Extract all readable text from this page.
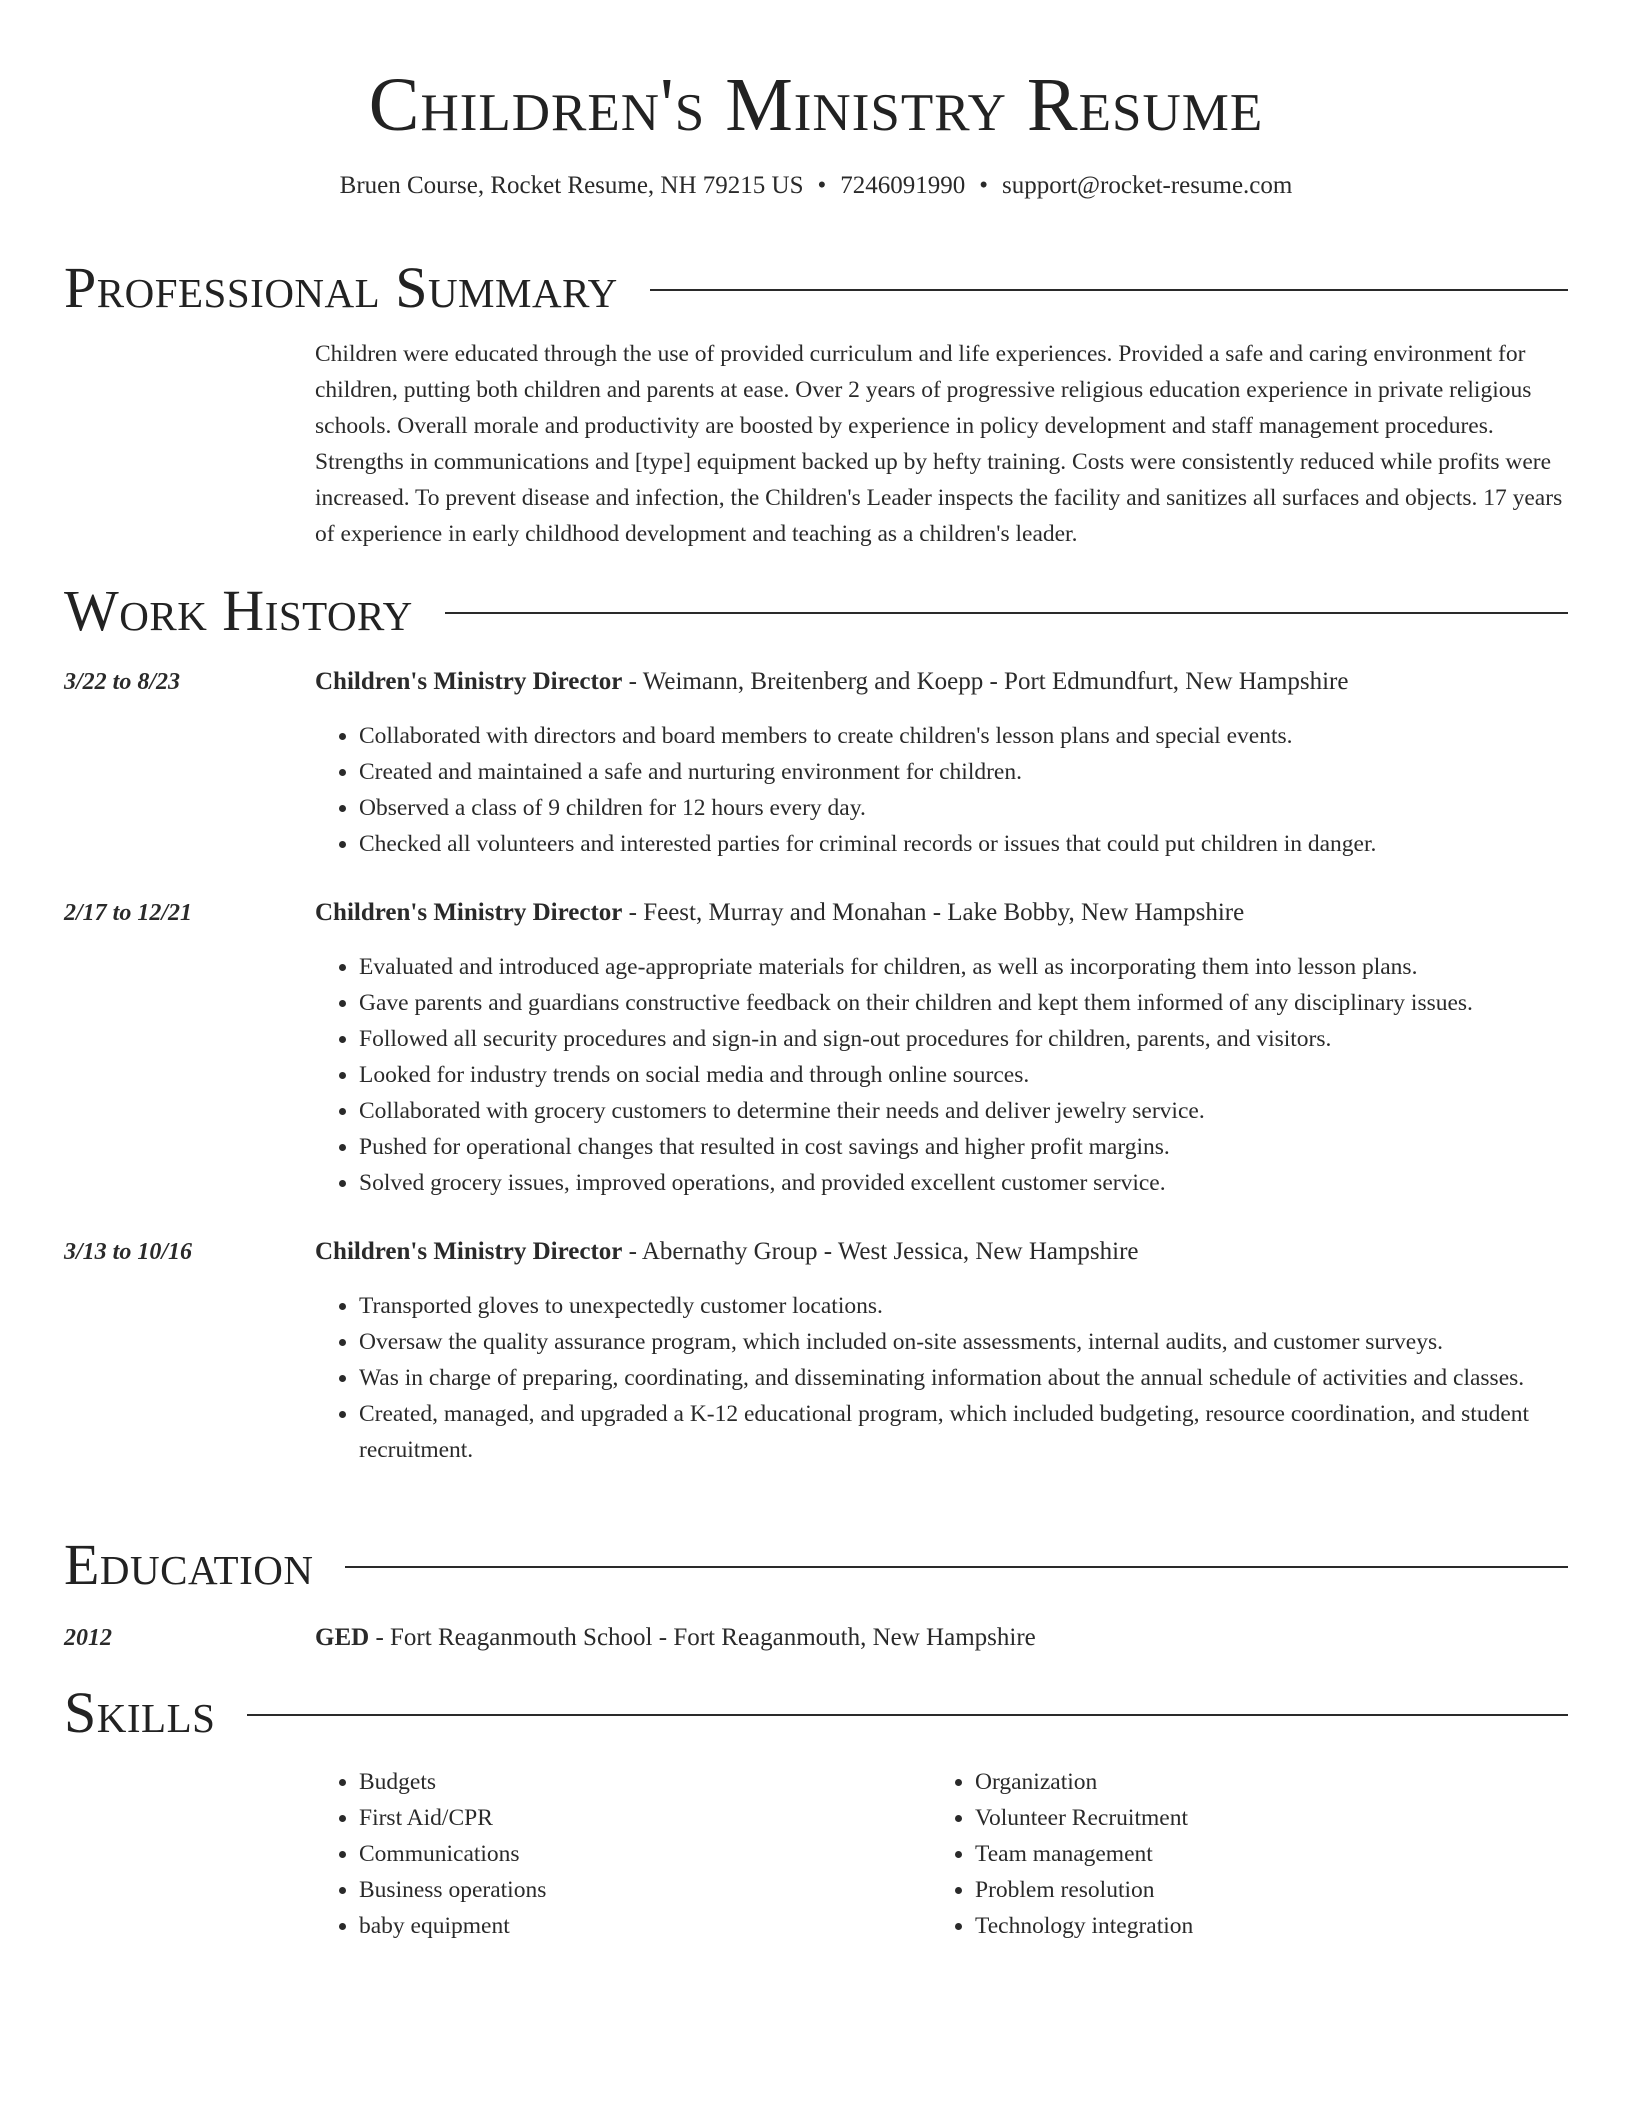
Children's Ministry Resume
Bruen Course, Rocket Resume, NH 79215 US • 7246091990 • support@rocket-resume.com
Professional Summary
Children were educated through the use of provided curriculum and life experiences. Provided a safe and caring environment for children, putting both children and parents at ease. Over 2 years of progressive religious education experience in private religious schools. Overall morale and productivity are boosted by experience in policy development and staff management procedures. Strengths in communications and [type] equipment backed up by hefty training. Costs were consistently reduced while profits were increased. To prevent disease and infection, the Children's Leader inspects the facility and sanitizes all surfaces and objects. 17 years of experience in early childhood development and teaching as a children's leader.
Work History
3/22 to 8/23	Children's Ministry Director - Weimann, Breitenberg and Koepp - Port Edmundfurt, New Hampshire
• Collaborated with directors and board members to create children's lesson plans and special events.
• Created and maintained a safe and nurturing environment for children.
• Observed a class of 9 children for 12 hours every day.
• Checked all volunteers and interested parties for criminal records or issues that could put children in danger.
2/17 to 12/21	Children's Ministry Director - Feest, Murray and Monahan - Lake Bobby, New Hampshire
• Evaluated and introduced age-appropriate materials for children, as well as incorporating them into lesson plans.
• Gave parents and guardians constructive feedback on their children and kept them informed of any disciplinary issues.
• Followed all security procedures and sign-in and sign-out procedures for children, parents, and visitors.
• Looked for industry trends on social media and through online sources.
• Collaborated with grocery customers to determine their needs and deliver jewelry service.
• Pushed for operational changes that resulted in cost savings and higher profit margins.
• Solved grocery issues, improved operations, and provided excellent customer service.
3/13 to 10/16	Children's Ministry Director - Abernathy Group - West Jessica, New Hampshire
• Transported gloves to unexpectedly customer locations.
• Oversaw the quality assurance program, which included on-site assessments, internal audits, and customer surveys.
• Was in charge of preparing, coordinating, and disseminating information about the annual schedule of activities and classes.
• Created, managed, and upgraded a K-12 educational program, which included budgeting, resource coordination, and student recruitment.
Education
2012	GED - Fort Reaganmouth School - Fort Reaganmouth, New Hampshire
Skills
• Budgets
• First Aid/CPR
• Communications
• Business operations
• baby equipment
• Organization
• Volunteer Recruitment
• Team management
• Problem resolution
• Technology integration
